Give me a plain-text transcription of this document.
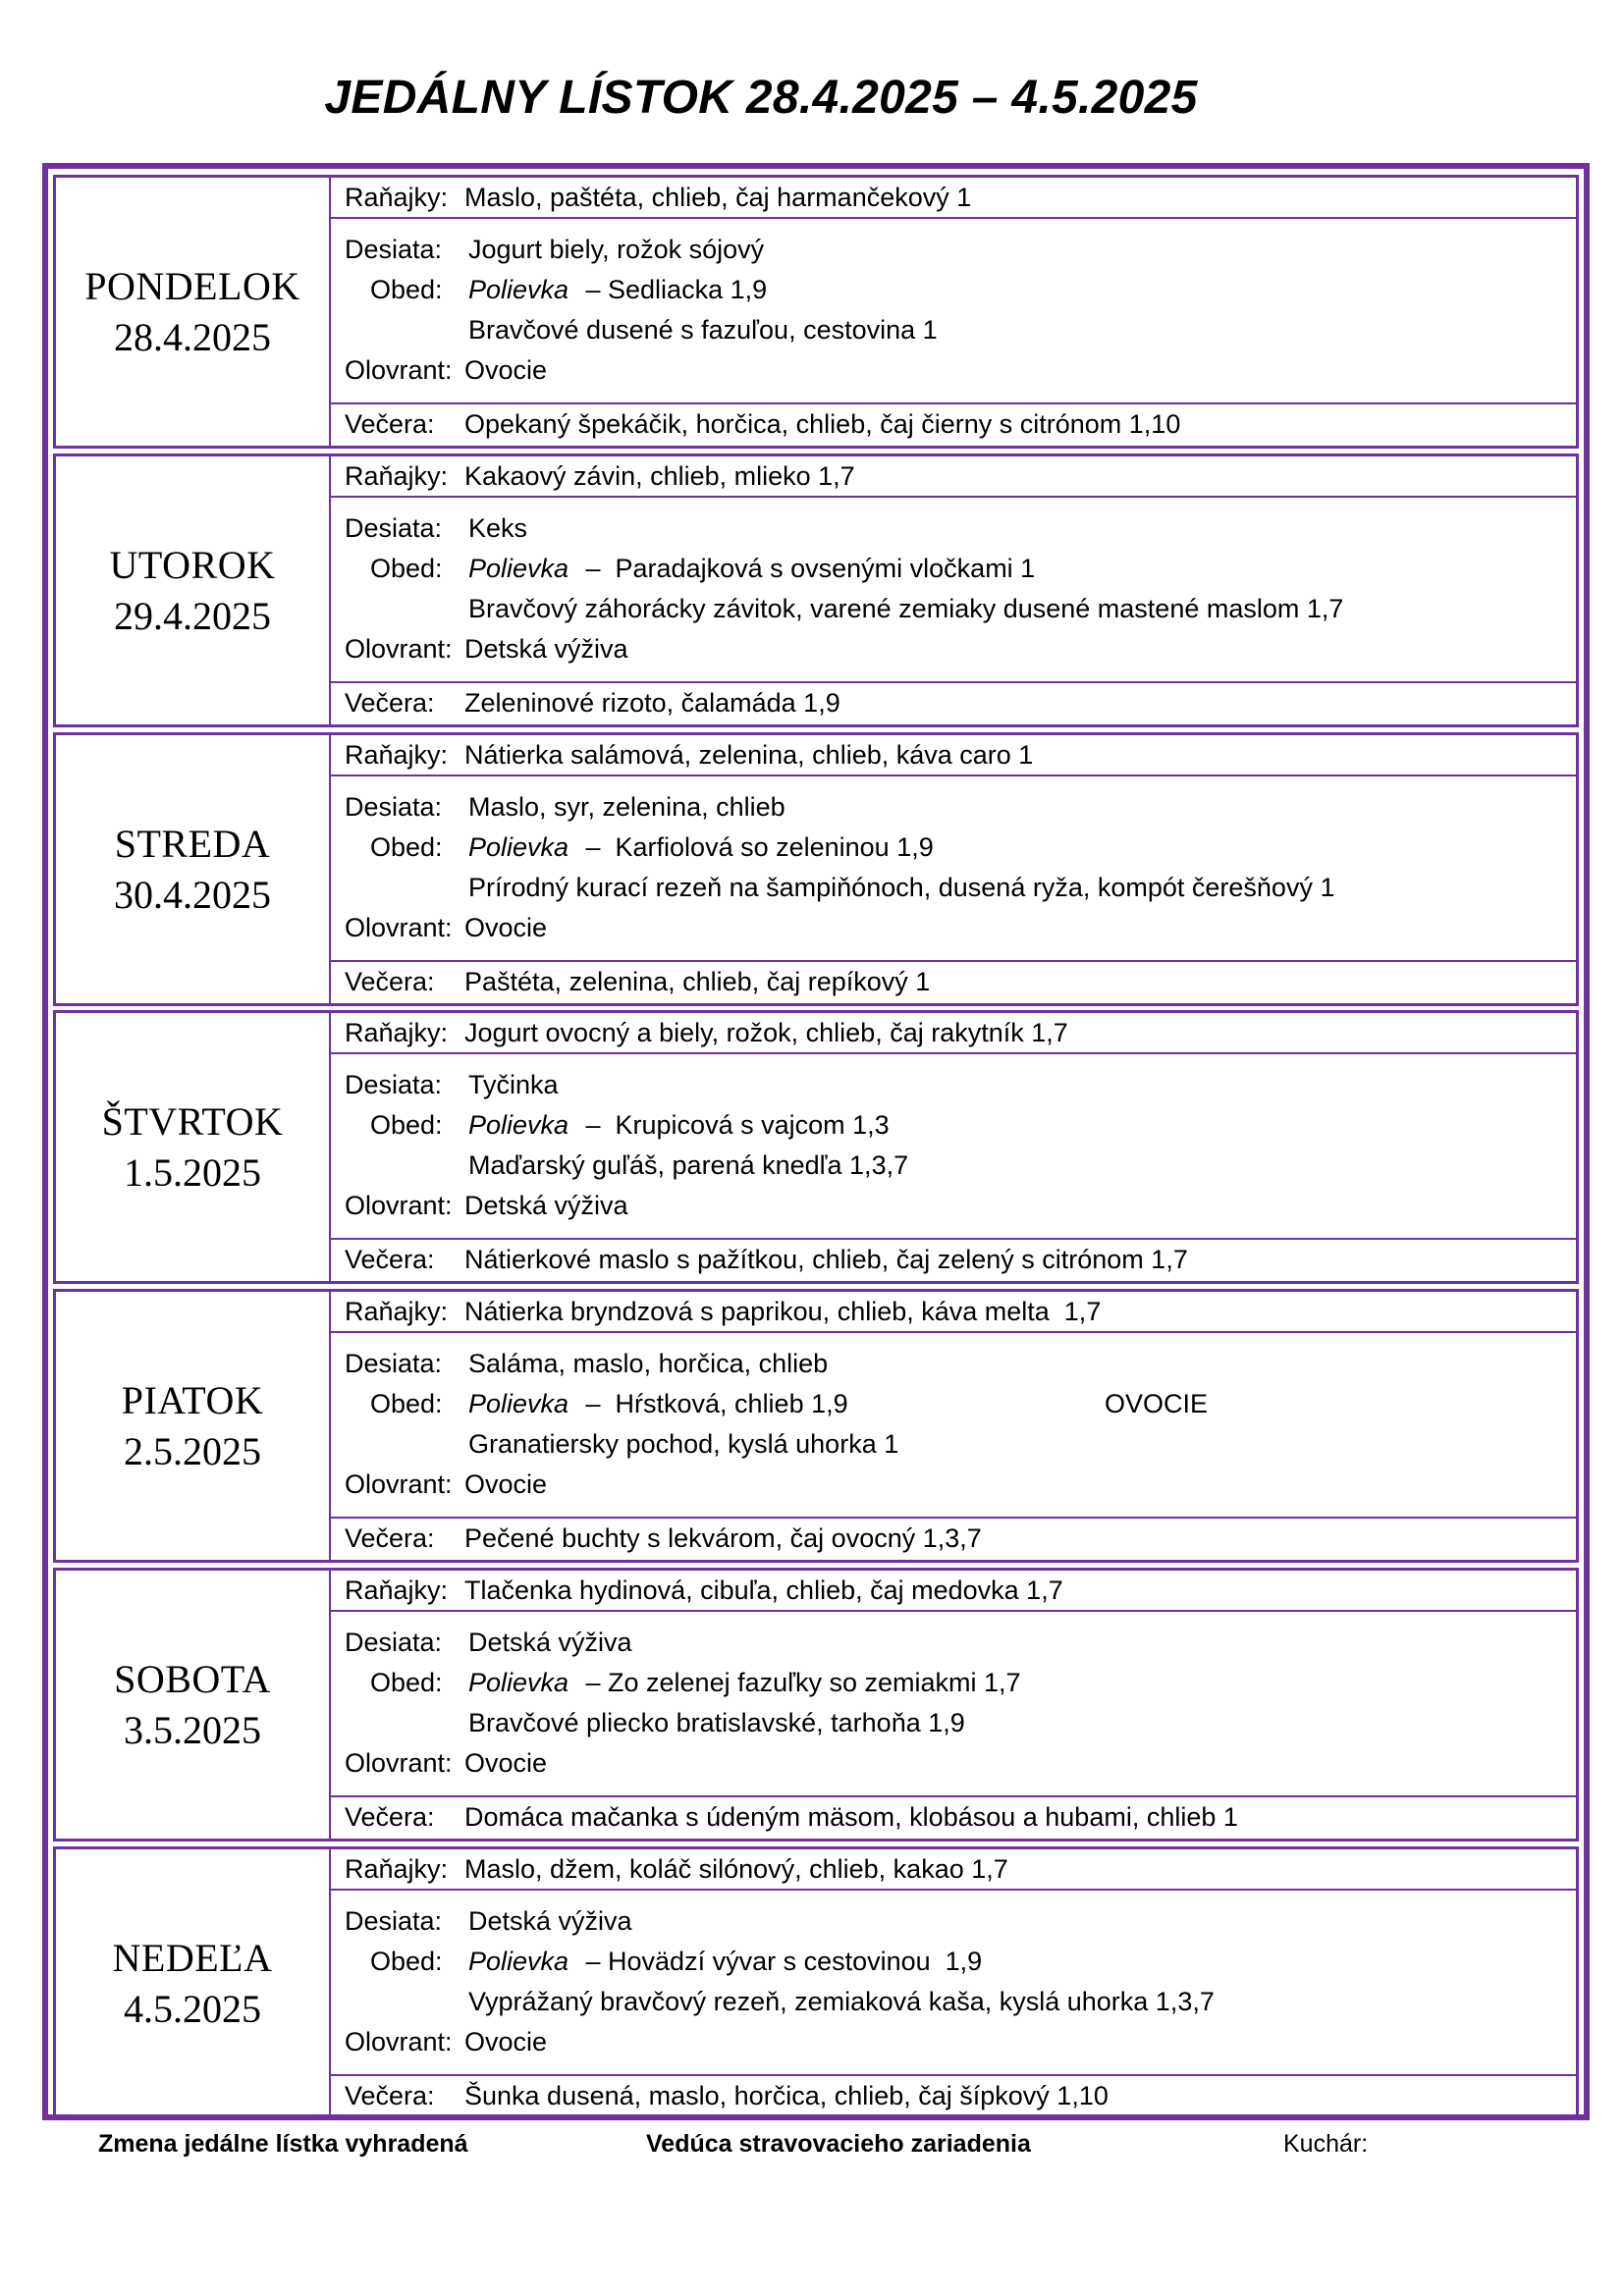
JEDÁLNY LÍSTOK 28.4.2025 – 4.5.2025
PONDELOK
28.4.2025
Raňajky: Maslo, paštéta, chlieb, čaj harmančekový 1
Desiata: Jogurt biely, rožok sójový
Obed: Polievka – Sedliacka 1,9
Bravčové dusené s fazuľou, cestovina 1
Olovrant: Ovocie
Večera: Opekaný špekáčik, horčica, chlieb, čaj čierny s citrónom 1,10
UTOROK
29.4.2025
Raňajky: Kakaový závin, chlieb, mlieko 1,7
Desiata: Keks
Obed: Polievka –  Paradajková s ovsenými vločkami 1
Bravčový záhorácky závitok, varené zemiaky dusené mastené maslom 1,7
Olovrant: Detská výživa
Večera: Zeleninové rizoto, čalamáda 1,9
STREDA
30.4.2025
Raňajky: Nátierka salámová, zelenina, chlieb, káva caro 1
Desiata: Maslo, syr, zelenina, chlieb
Obed: Polievka –  Karfiolová so zeleninou 1,9
Prírodný kurací rezeň na šampiňónoch, dusená ryža, kompót čerešňový 1
Olovrant: Ovocie
Večera: Paštéta, zelenina, chlieb, čaj repíkový 1
ŠTVRTOK
1.5.2025
Raňajky: Jogurt ovocný a biely, rožok, chlieb, čaj rakytník 1,7
Desiata: Tyčinka
Obed: Polievka –  Krupicová s vajcom 1,3
Maďarský guľáš, parená knedľa 1,3,7
Olovrant: Detská výživa
Večera: Nátierkové maslo s pažítkou, chlieb, čaj zelený s citrónom 1,7
PIATOK
2.5.2025
Raňajky: Nátierka bryndzová s paprikou, chlieb, káva melta  1,7
Desiata: Saláma, maslo, horčica, chlieb
Obed: Polievka –  Hŕstková, chlieb 1,9	OVOCIE
Granatiersky pochod, kyslá uhorka 1
Olovrant: Ovocie
Večera: Pečené buchty s lekvárom, čaj ovocný 1,3,7
SOBOTA
3.5.2025
Raňajky: Tlačenka hydinová, cibuľa, chlieb, čaj medovka 1,7
Desiata: Detská výživa
Obed: Polievka – Zo zelenej fazuľky so zemiakmi 1,7
Bravčové pliecko bratislavské, tarhoňa 1,9
Olovrant: Ovocie
Večera: Domáca mačanka s údeným mäsom, klobásou a hubami, chlieb 1
NEDEĽA
4.5.2025
Raňajky: Maslo, džem, koláč silónový, chlieb, kakao 1,7
Desiata: Detská výživa
Obed: Polievka – Hovädzí vývar s cestovinou  1,9
Vyprážaný bravčový rezeň, zemiaková kaša, kyslá uhorka 1,3,7
Olovrant: Ovocie
Večera: Šunka dusená, maslo, horčica, chlieb, čaj šípkový 1,10
Zmena jedálne lístka vyhradená	Vedúca stravovacieho zariadenia	Kuchár:
